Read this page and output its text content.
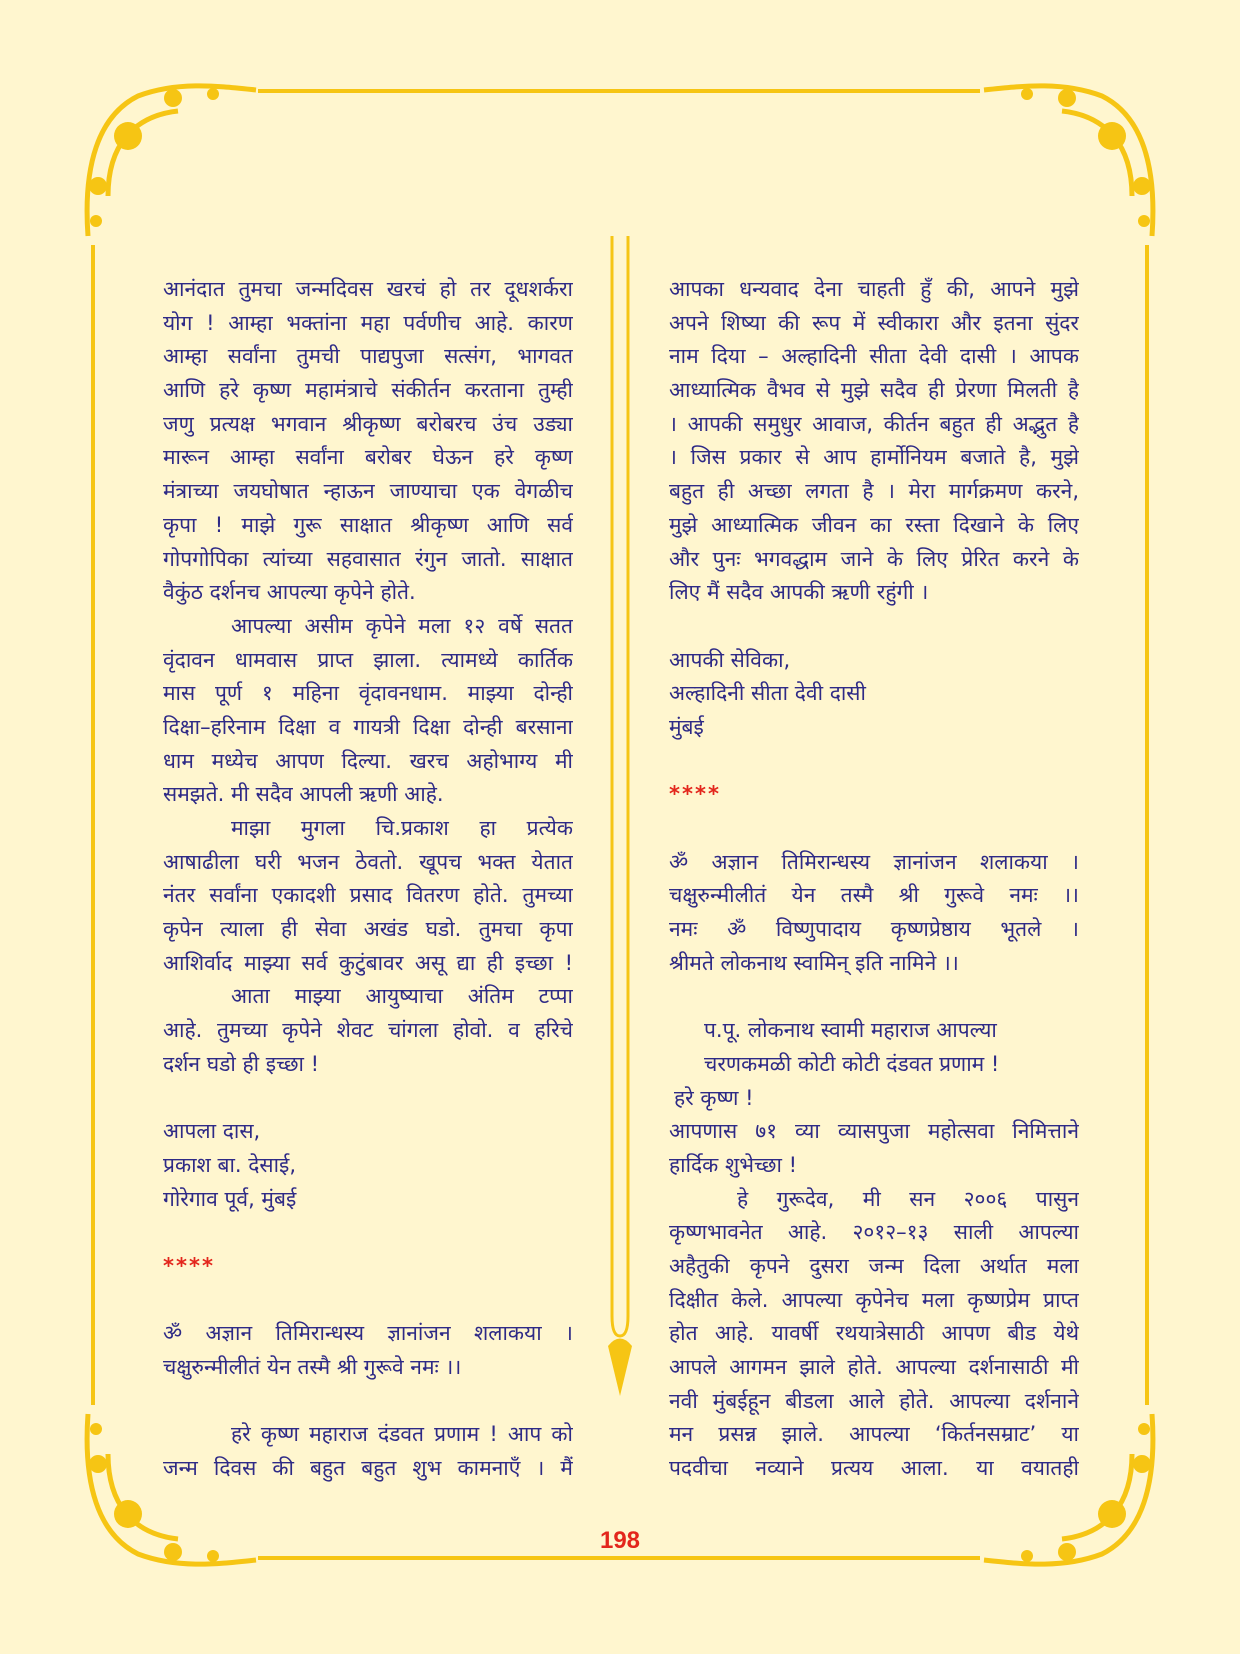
आनंदात तुमचा जन्मदिवस खरचं हो तर दूधशर्करा
योग ! आम्हा भक्तांना महा पर्वणीच आहे. कारण
आम्हा सर्वांना तुमची पाद्यपुजा सत्संग, भागवत
आणि हरे कृष्ण महामंत्राचे संकीर्तन करताना तुम्ही
जणु प्रत्यक्ष भगवान श्रीकृष्ण बरोबरच उंच उड्या
मारून आम्हा सर्वांना बरोबर घेऊन हरे कृष्ण
मंत्राच्या जयघोषात न्हाऊन जाण्याचा एक वेगळीच
कृपा ! माझे गुरू साक्षात श्रीकृष्ण आणि सर्व
गोपगोपिका त्यांच्या सहवासात रंगुन जातो. साक्षात
वैकुंठ दर्शनच आपल्या कृपेने होते.
आपल्या असीम कृपेने मला १२ वर्षे सतत
वृंदावन धामवास प्राप्त झाला. त्यामध्ये कार्तिक
मास पूर्ण १ महिना वृंदावनधाम. माझ्या दोन्ही
दिक्षा–हरिनाम दिक्षा व गायत्री दिक्षा दोन्ही बरसाना
धाम मध्येच आपण दिल्या. खरच अहोभाग्य मी
समझते. मी सदैव आपली ऋणी आहे.
माझा मुगला चि.प्रकाश हा प्रत्येक
आषाढीला घरी भजन ठेवतो. खूपच भक्त येतात
नंतर सर्वांना एकादशी प्रसाद वितरण होते. तुमच्या
कृपेन त्याला ही सेवा अखंड घडो. तुमचा कृपा
आशिर्वाद माझ्या सर्व कुटुंबावर असू द्या ही इच्छा !
आता माझ्या आयुष्याचा अंतिम टप्पा
आहे. तुमच्या कृपेने शेवट चांगला होवो. व हरिचे
दर्शन घडो ही इच्छा !
आपला दास,
प्रकाश बा. देसाई,
गोरेगाव पूर्व, मुंबई
****
ॐ अज्ञान तिमिरान्धस्य ज्ञानांजन शलाकया ।
चक्षुरुन्मीलीतं येन तस्मै श्री गुरूवे नमः ।।
हरे कृष्ण महाराज दंडवत प्रणाम ! आप को
जन्म दिवस की बहुत बहुत शुभ कामनाएँ । मैं
आपका धन्यवाद देना चाहती हुँ की, आपने मुझे
अपने शिष्या की रूप में स्वीकारा और इतना सुंदर
नाम दिया – अल्हादिनी सीता देवी दासी । आपक
आध्यात्मिक वैभव से मुझे सदैव ही प्रेरणा मिलती है
। आपकी समुधुर आवाज, कीर्तन बहुत ही अद्भुत है
। जिस प्रकार से आप हार्मोनियम बजाते है, मुझे
बहुत ही अच्छा लगता है । मेरा मार्गक्रमण करने,
मुझे आध्यात्मिक जीवन का रस्ता दिखाने के लिए
और पुनः भगवद्धाम जाने के लिए प्रेरित करने के
लिए मैं सदैव आपकी ऋणी रहुंगी ।
आपकी सेविका,
अल्हादिनी सीता देवी दासी
मुंबई
****
ॐ अज्ञान तिमिरान्धस्य ज्ञानांजन शलाकया ।
चक्षुरुन्मीलीतं येन तस्मै श्री गुरूवे नमः ।।
नमः ॐ विष्णुपादाय कृष्णप्रेष्ठाय भूतले ।
श्रीमते लोकनाथ स्वामिन् इति नामिने ।।
प.पू. लोकनाथ स्वामी महाराज आपल्या
चरणकमळी कोटी कोटी दंडवत प्रणाम !
हरे कृष्ण !
आपणास ७१ व्या व्यासपुजा महोत्सवा निमित्ताने
हार्दिक शुभेच्छा !
हे गुरूदेव, मी सन २००६ पासुन
कृष्णभावनेत आहे. २०१२–१३ साली आपल्या
अहैतुकी कृपने दुसरा जन्म दिला अर्थात मला
दिक्षीत केले. आपल्या कृपेनेच मला कृष्णप्रेम प्राप्त
होत आहे. यावर्षी रथयात्रेसाठी आपण बीड येथे
आपले आगमन झाले होते. आपल्या दर्शनासाठी मी
नवी मुंबईहून बीडला आले होते. आपल्या दर्शनाने
मन प्रसन्न झाले. आपल्या ‘किर्तनसम्राट’ या
पदवीचा नव्याने प्रत्यय आला. या वयातही
198
